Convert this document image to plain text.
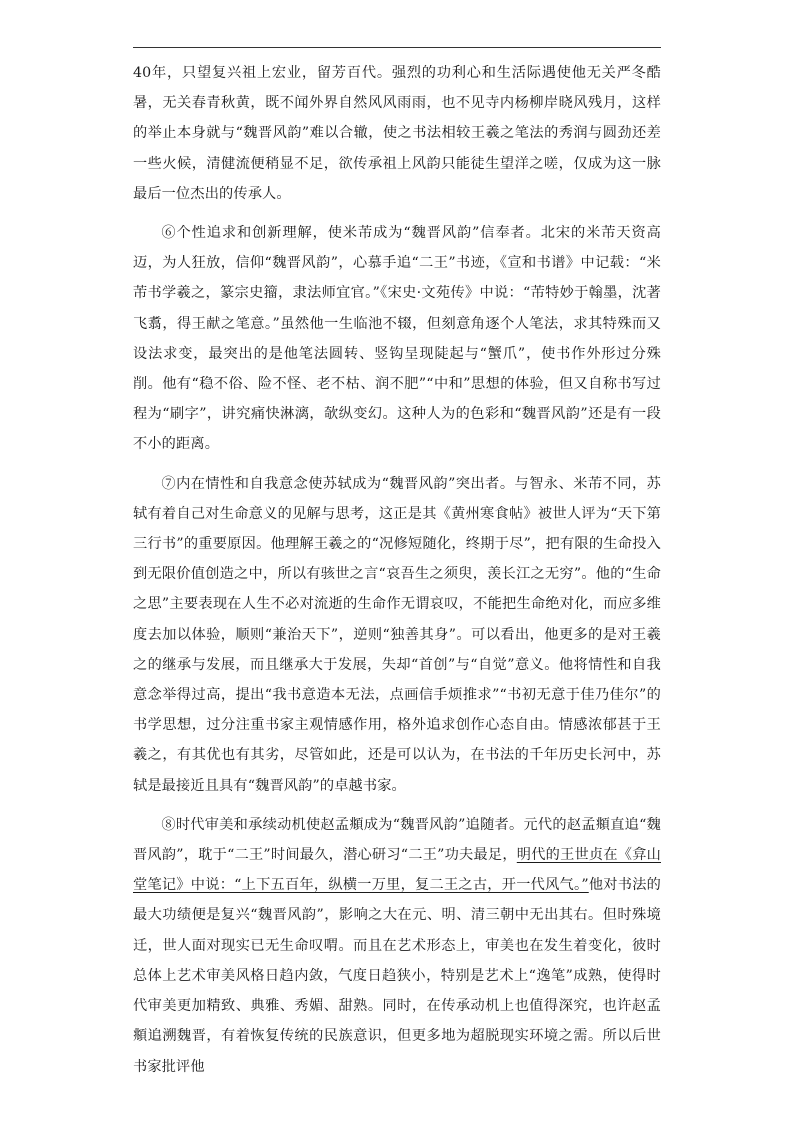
40年，只望复兴祖上宏业，留芳百代。强烈的功利心和生活际遇使他无关严冬酷暑，无关春青秋黄，既不闻外界自然风风雨雨，也不见寺内杨柳岸晓风残月，这样的举止本身就与“魏晋风韵”难以合辙，使之书法相较王羲之笔法的秀润与圆劲还差一些火候，清健流便稍显不足，欲传承祖上风韵只能徒生望洋之嗟，仅成为这一脉最后一位杰出的传承人。

⑥个性追求和创新理解，使米芾成为“魏晋风韵”信奉者。北宋的米芾天资高迈，为人狂放，信仰“魏晋风韵”，心慕手追“二王”书迹，《宣和书谱》中记载：“米芾书学羲之，篆宗史籀，隶法师宜官。”《宋史·文苑传》中说：“芾特妙于翰墨，沈著飞翥，得王献之笔意。”虽然他一生临池不辍，但刻意角逐个人笔法，求其特殊而又设法求变，最突出的是他笔法圆转、竖钩呈现陡起与“蟹爪”，使书作外形过分殊削。他有“稳不俗、险不怪、老不枯、润不肥”“中和”思想的体验，但又自称书写过程为“刷字”，讲究痛快淋漓，欹纵变幻。这种人为的色彩和“魏晋风韵”还是有一段不小的距离。

⑦内在情性和自我意念使苏轼成为“魏晋风韵”突出者。与智永、米芾不同，苏轼有着自己对生命意义的见解与思考，这正是其《黄州寒食帖》被世人评为“天下第三行书”的重要原因。他理解王羲之的“况修短随化，终期于尽”，把有限的生命投入到无限价值创造之中，所以有骇世之言“哀吾生之须臾，羡长江之无穷”。他的“生命之思”主要表现在人生不必对流逝的生命作无谓哀叹，不能把生命绝对化，而应多维度去加以体验，顺则“兼治天下”，逆则“独善其身”。可以看出，他更多的是对王羲之的继承与发展，而且继承大于发展，失却“首创”与“自觉”意义。他将情性和自我意念举得过高，提出“我书意造本无法，点画信手烦推求”“书初无意于佳乃佳尔”的书学思想，过分注重书家主观情感作用，格外追求创作心态自由。情感浓郁甚于王羲之，有其优也有其劣，尽管如此，还是可以认为，在书法的千年历史长河中，苏轼是最接近且具有“魏晋风韵”的卓越书家。

⑧时代审美和承续动机使赵孟頫成为“魏晋风韵”追随者。元代的赵孟頫直追“魏晋风韵”，耽于“二王”时间最久，潜心研习“二王”功夫最足，明代的王世贞在《弇山堂笔记》中说：“上下五百年，纵横一万里，复二王之古，开一代风气。”他对书法的最大功绩便是复兴“魏晋风韵”，影响之大在元、明、清三朝中无出其右。但时殊境迁，世人面对现实已无生命叹喟。而且在艺术形态上，审美也在发生着变化，彼时总体上艺术审美风格日趋内敛，气度日趋狭小，特别是艺术上“逸笔”成熟，使得时代审美更加精致、典雅、秀媚、甜熟。同时，在传承动机上也值得深究，也许赵孟頫追溯魏晋，有着恢复传统的民族意识，但更多地为超脱现实环境之需。所以后世书家批评他
